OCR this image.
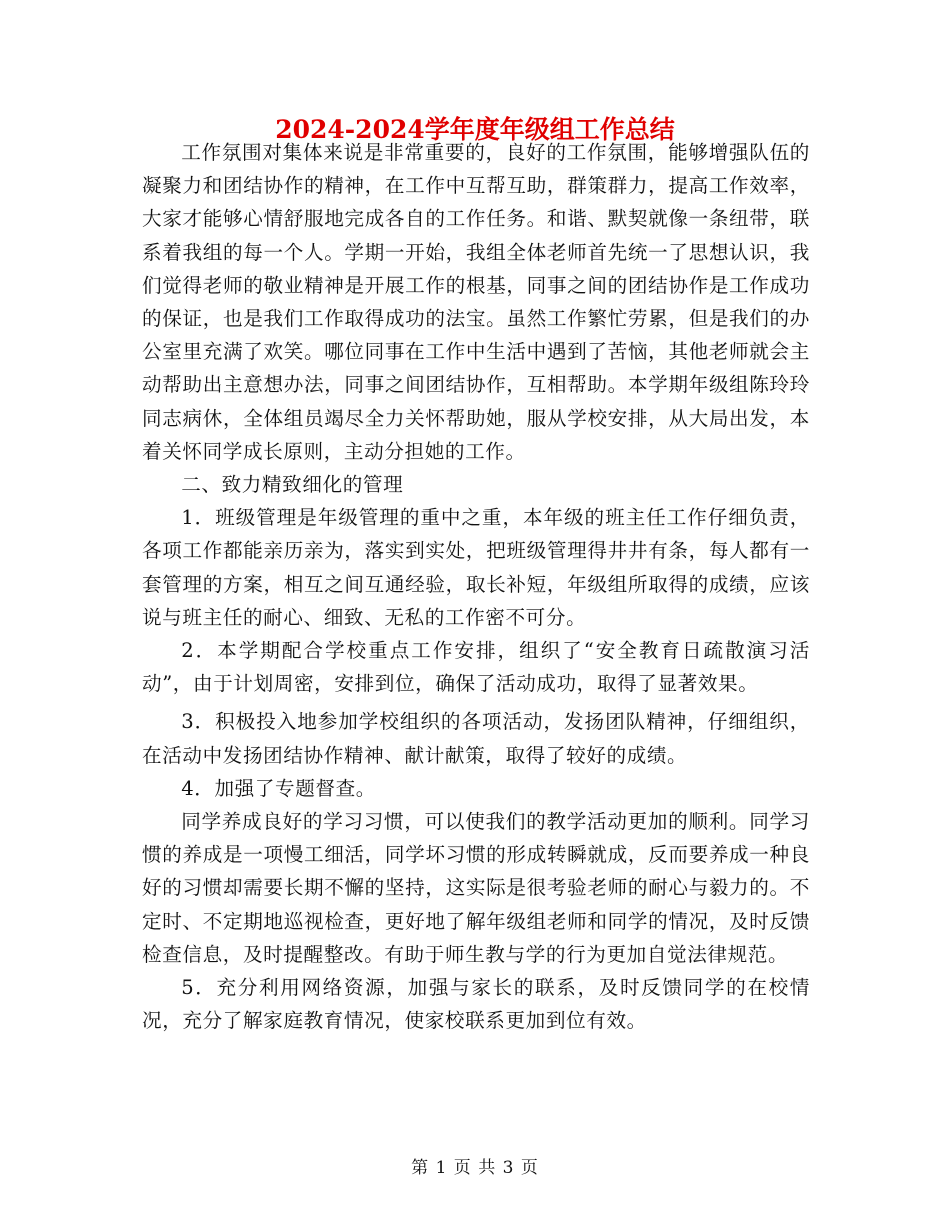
2024-2024学年度年级组工作总结

工作氛围对集体来说是非常重要的，良好的工作氛围，能够增强队伍的凝聚力和团结协作的精神，在工作中互帮互助，群策群力，提高工作效率，大家才能够心情舒服地完成各自的工作任务。和谐、默契就像一条纽带，联系着我组的每一个人。学期一开始，我组全体老师首先统一了思想认识，我们觉得老师的敬业精神是开展工作的根基，同事之间的团结协作是工作成功的保证，也是我们工作取得成功的法宝。虽然工作繁忙劳累，但是我们的办公室里充满了欢笑。哪位同事在工作中生活中遇到了苦恼，其他老师就会主动帮助出主意想办法，同事之间团结协作，互相帮助。本学期年级组陈玲玲同志病休，全体组员竭尽全力关怀帮助她，服从学校安排，从大局出发，本着关怀同学成长原则，主动分担她的工作。

二、致力精致细化的管理

1．班级管理是年级管理的重中之重，本年级的班主任工作仔细负责，各项工作都能亲历亲为，落实到实处，把班级管理得井井有条，每人都有一套管理的方案，相互之间互通经验，取长补短，年级组所取得的成绩，应该说与班主任的耐心、细致、无私的工作密不可分。

2．本学期配合学校重点工作安排，组织了“安全教育日疏散演习活动”，由于计划周密，安排到位，确保了活动成功，取得了显著效果。

3．积极投入地参加学校组织的各项活动，发扬团队精神，仔细组织，在活动中发扬团结协作精神、献计献策，取得了较好的成绩。

4．加强了专题督查。

同学养成良好的学习习惯，可以使我们的教学活动更加的顺利。同学习惯的养成是一项慢工细活，同学坏习惯的形成转瞬就成，反而要养成一种良好的习惯却需要长期不懈的坚持，这实际是很考验老师的耐心与毅力的。不定时、不定期地巡视检查，更好地了解年级组老师和同学的情况，及时反馈检查信息，及时提醒整改。有助于师生教与学的行为更加自觉法律规范。

5．充分利用网络资源，加强与家长的联系，及时反馈同学的在校情况，充分了解家庭教育情况，使家校联系更加到位有效。

第 1 页 共 3 页
